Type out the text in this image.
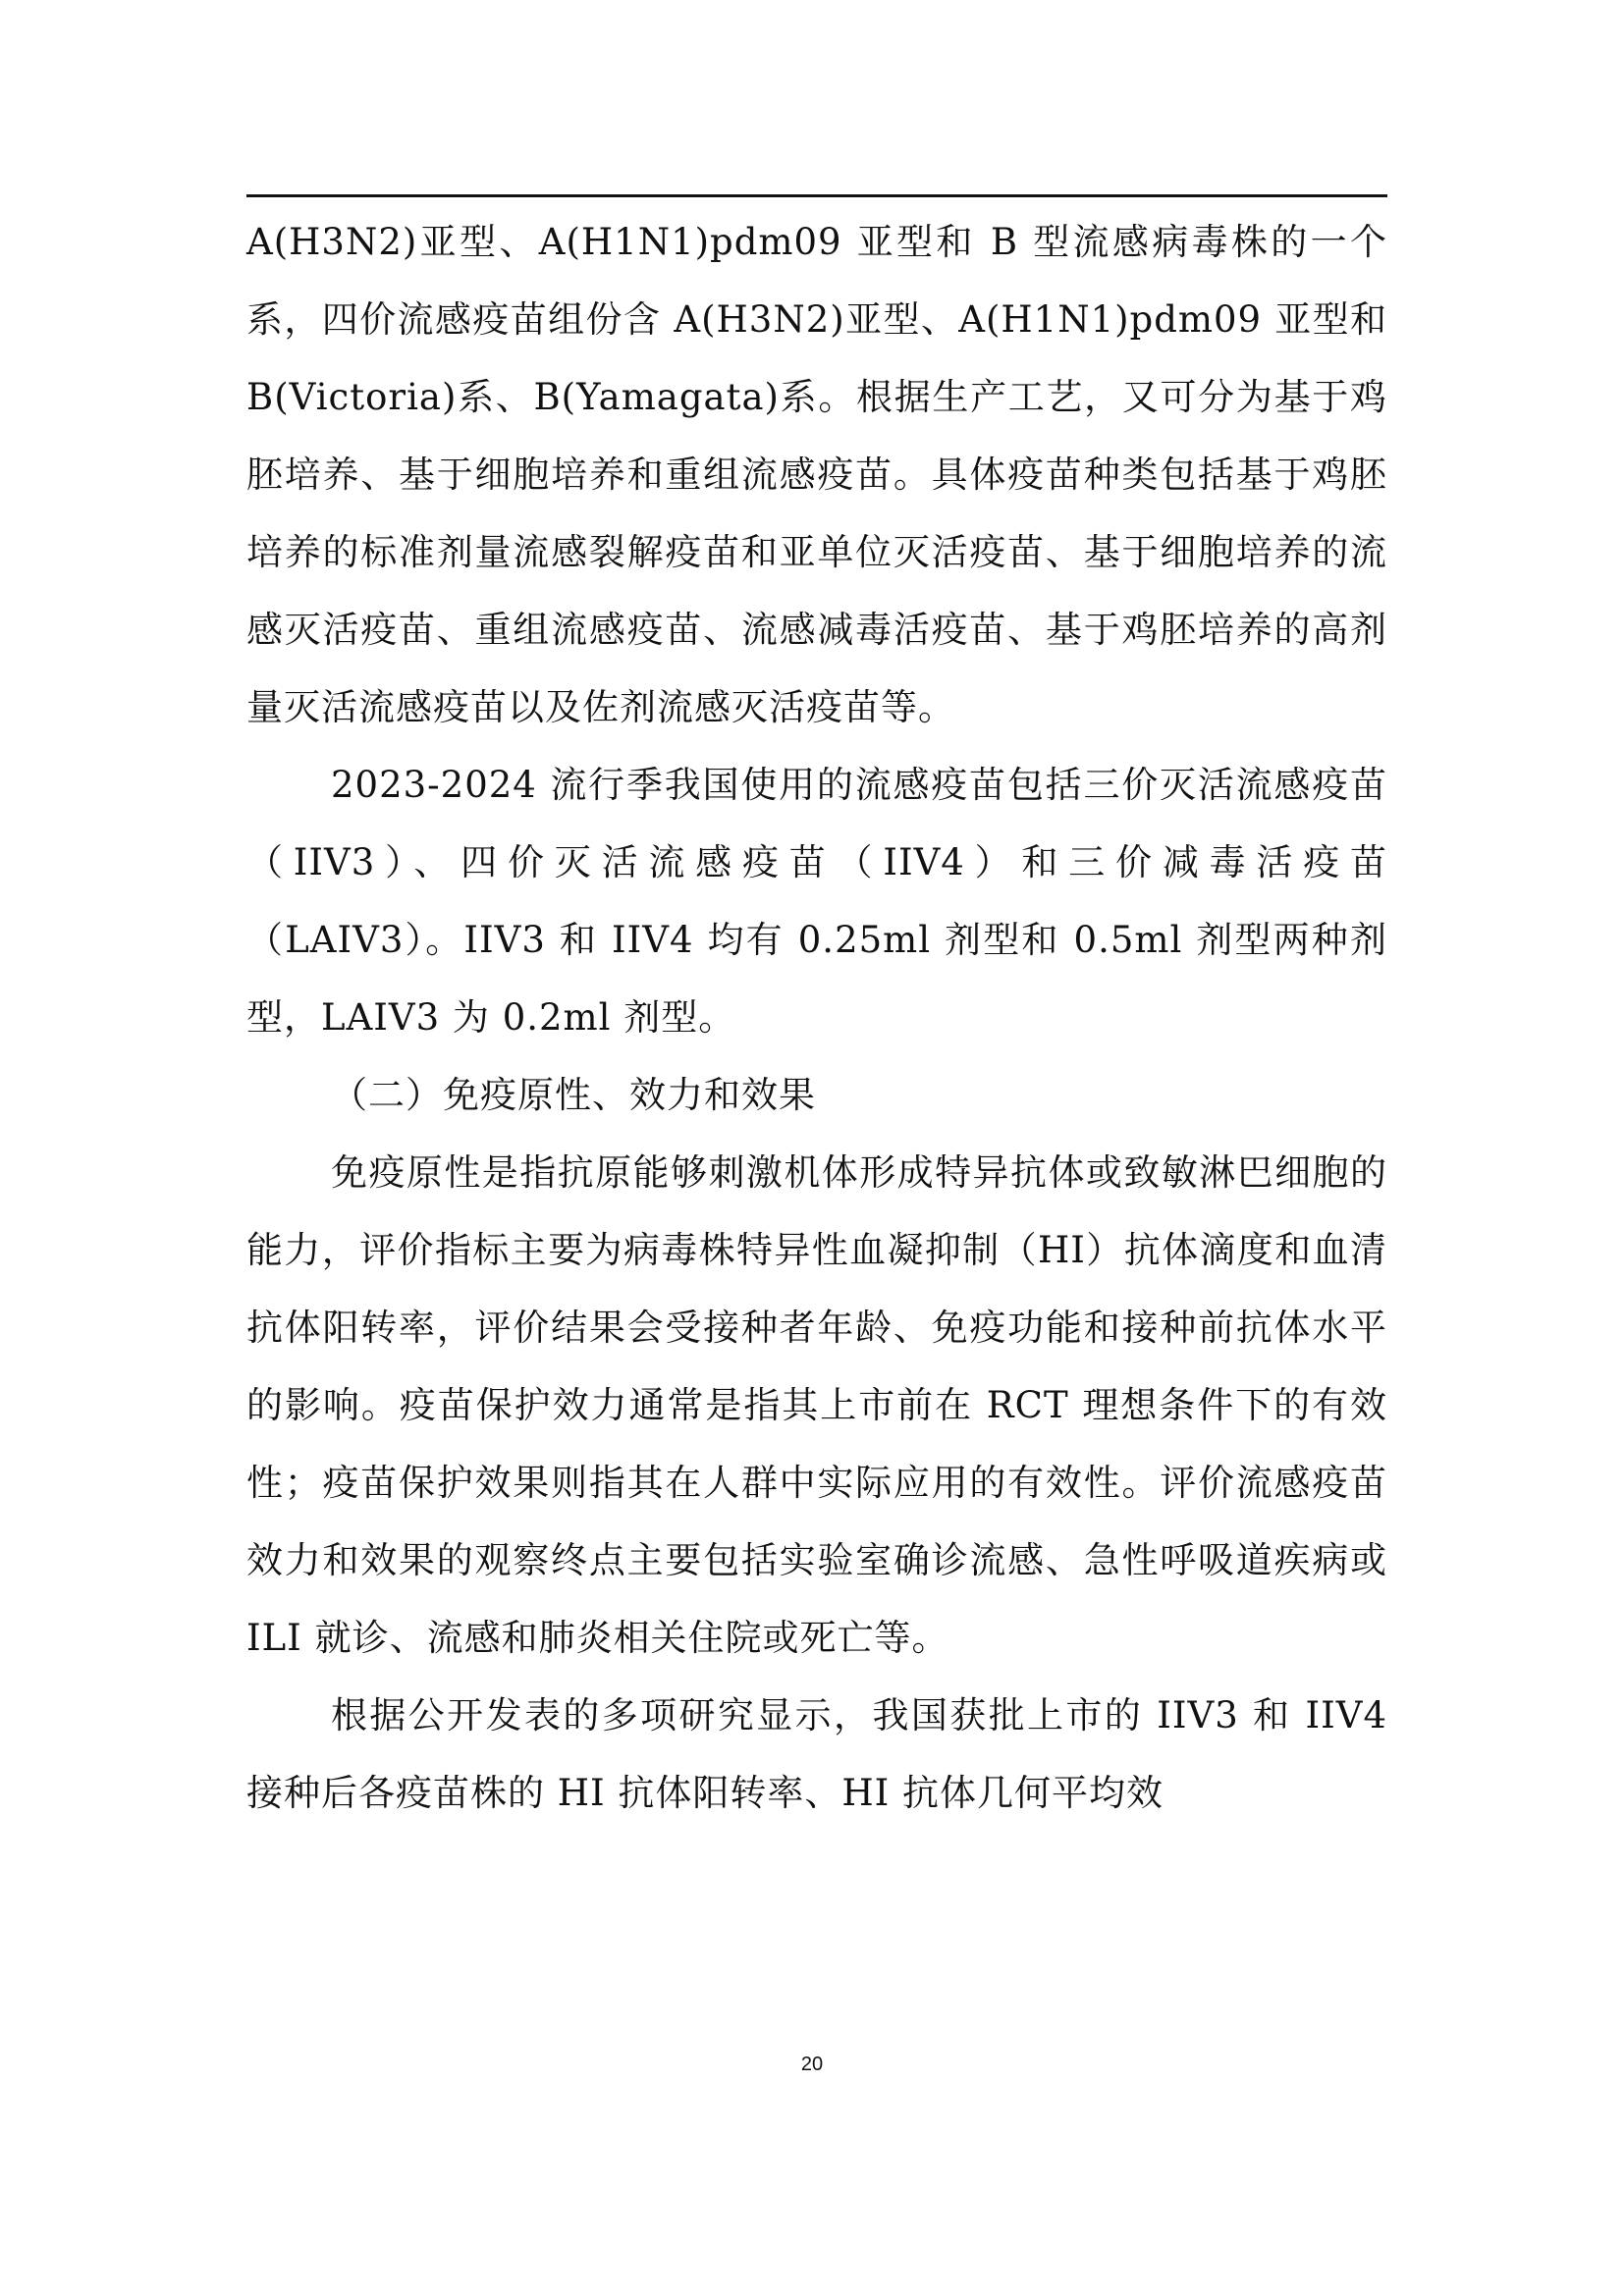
A(H3N2)亚型、A(H1N1)pdm09 亚型和 B 型流感病毒株的一个系，四价流感疫苗组份含 A(H3N2)亚型、A(H1N1)pdm09 亚型和 B(Victoria)系、B(Yamagata)系。根据生产工艺，又可分为基于鸡胚培养、基于细胞培养和重组流感疫苗。具体疫苗种类包括基于鸡胚培养的标准剂量流感裂解疫苗和亚单位灭活疫苗、基于细胞培养的流感灭活疫苗、重组流感疫苗、流感减毒活疫苗、基于鸡胚培养的高剂量灭活流感疫苗以及佐剂流感灭活疫苗等。

2023-2024 流行季我国使用的流感疫苗包括三价灭活流感疫苗（IIV3）、四价灭活流感疫苗（IIV4）和三价减毒活疫苗（LAIV3）。IIV3 和 IIV4 均有 0.25ml 剂型和 0.5ml 剂型两种剂型，LAIV3 为 0.2ml 剂型。

（二）免疫原性、效力和效果

免疫原性是指抗原能够刺激机体形成特异抗体或致敏淋巴细胞的能力，评价指标主要为病毒株特异性血凝抑制（HI）抗体滴度和血清抗体阳转率，评价结果会受接种者年龄、免疫功能和接种前抗体水平的影响。疫苗保护效力通常是指其上市前在 RCT 理想条件下的有效性；疫苗保护效果则指其在人群中实际应用的有效性。评价流感疫苗效力和效果的观察终点主要包括实验室确诊流感、急性呼吸道疾病或 ILI 就诊、流感和肺炎相关住院或死亡等。

根据公开发表的多项研究显示，我国获批上市的 IIV3 和 IIV4 接种后各疫苗株的 HI 抗体阳转率、HI 抗体几何平均效

20
